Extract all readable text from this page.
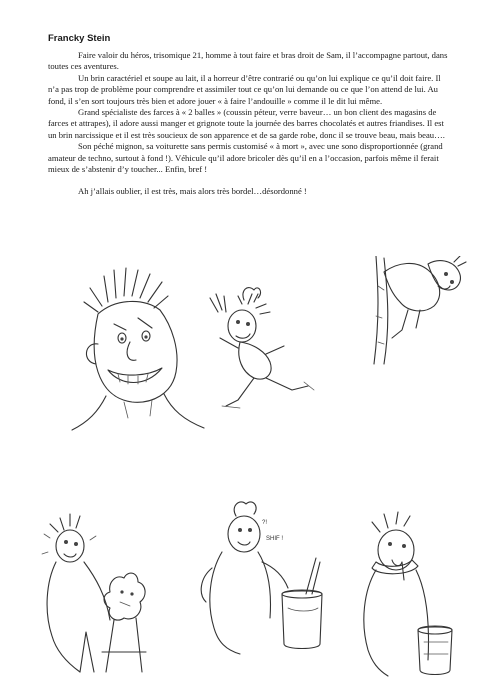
Francky Stein

Faire valoir du héros, trisomique 21, homme à tout faire et bras droit de Sam, il l’accompagne partout, dans toutes ces aventures.

Un brin caractériel et soupe au lait, il a horreur d’être contrarié ou qu’on lui explique ce qu’il doit faire. Il n’a pas trop de problème pour comprendre et assimiler tout ce qu’on lui demande ou ce que l’on attend de lui. Au fond, il s’en sort toujours très bien et adore jouer « à faire l’andouille » comme il le dit lui même.

Grand spécialiste des farces à « 2 balles » (coussin péteur, verre baveur… un bon client des magasins de farces et attrapes), il adore aussi manger et grignote toute la journée des barres chocolatés et autres friandises. Il est un brin narcissique et il est très soucieux de son apparence et de sa garde robe, donc il se trouve beau, mais beau….

Son péché mignon, sa voiturette sans permis customisé « à mort », avec une sono disproportionnée (grand amateur de techno, surtout à fond !). Véhicule qu’il adore bricoler dès qu’il en a l’occasion, parfois même il ferait mieux de s’abstenir d’y toucher... Enfin, bref !

Ah j’allais oublier, il est très, mais alors très bordel…désordonné !

?!
SHIF !
